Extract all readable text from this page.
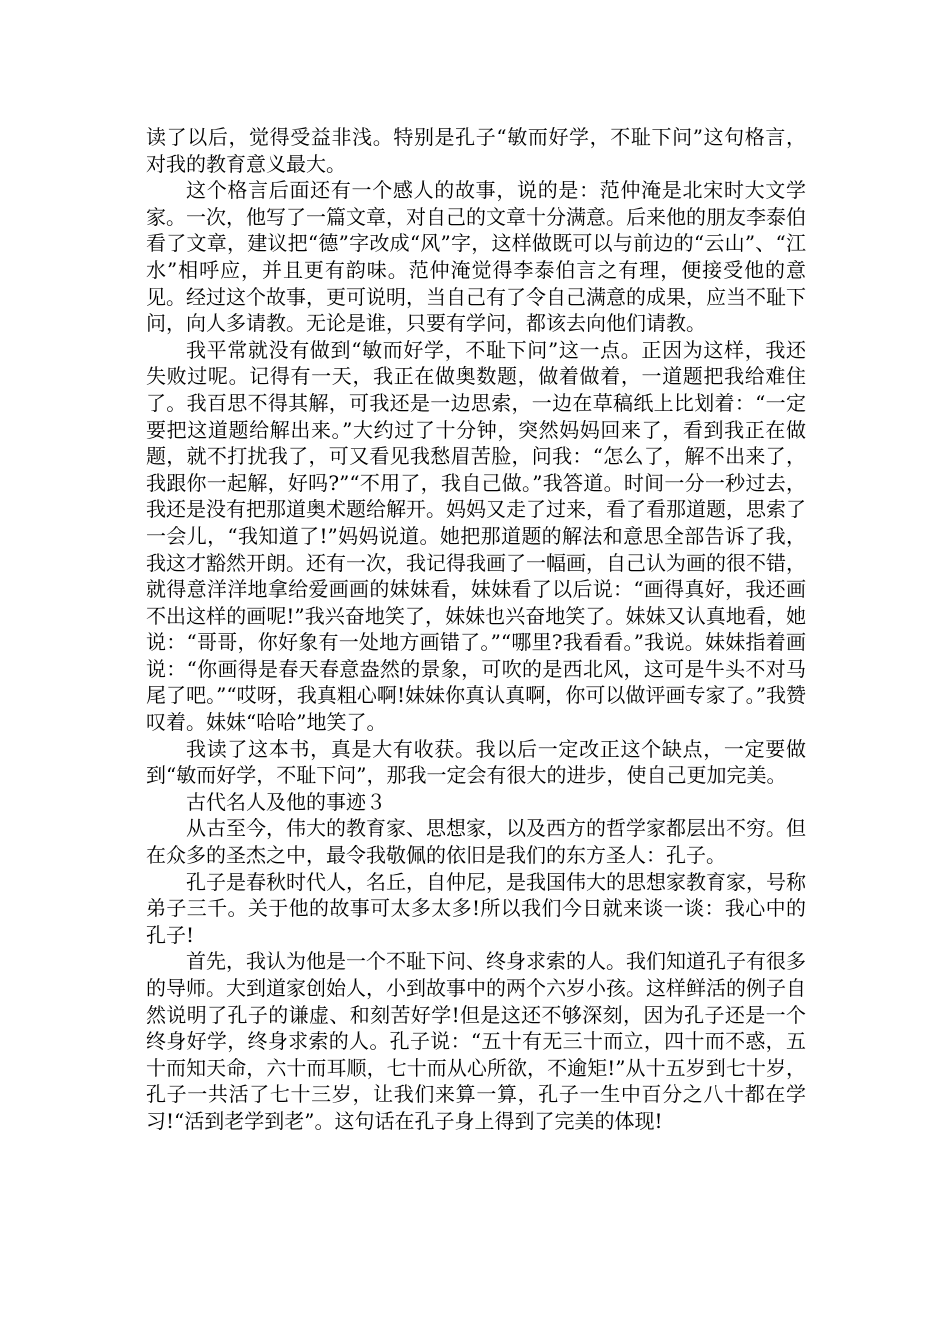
读了以后，觉得受益非浅。特别是孔子“敏而好学，不耻下问”这句格言，对我的教育意义最大。

这个格言后面还有一个感人的故事，说的是：范仲淹是北宋时大文学家。一次，他写了一篇文章，对自己的文章十分满意。后来他的朋友李泰伯看了文章，建议把“德”字改成“风”字，这样做既可以与前边的“云山”、“江水”相呼应，并且更有韵味。范仲淹觉得李泰伯言之有理，便接受他的意见。经过这个故事，更可说明，当自己有了令自己满意的成果，应当不耻下问，向人多请教。无论是谁，只要有学问，都该去向他们请教。

我平常就没有做到“敏而好学，不耻下问”这一点。正因为这样，我还失败过呢。记得有一天，我正在做奥数题，做着做着，一道题把我给难住了。我百思不得其解，可我还是一边思索，一边在草稿纸上比划着：“一定要把这道题给解出来。”大约过了十分钟，突然妈妈回来了，看到我正在做题，就不打扰我了，可又看见我愁眉苦脸，问我：“怎么了，解不出来了，我跟你一起解，好吗?”“不用了，我自己做。”我答道。时间一分一秒过去，我还是没有把那道奥术题给解开。妈妈又走了过来，看了看那道题，思索了一会儿，“我知道了!”妈妈说道。她把那道题的解法和意思全部告诉了我，我这才豁然开朗。还有一次，我记得我画了一幅画，自己认为画的很不错，就得意洋洋地拿给爱画画的妹妹看，妹妹看了以后说：“画得真好，我还画不出这样的画呢!”我兴奋地笑了，妹妹也兴奋地笑了。妹妹又认真地看，她说：“哥哥，你好象有一处地方画错了。”“哪里?我看看。”我说。妹妹指着画说：“你画得是春天春意盎然的景象，可吹的是西北风，这可是牛头不对马尾了吧。”“哎呀，我真粗心啊!妹妹你真认真啊，你可以做评画专家了。”我赞叹着。妹妹“哈哈”地笑了。

我读了这本书，真是大有收获。我以后一定改正这个缺点，一定要做到“敏而好学，不耻下问”，那我一定会有很大的进步，使自己更加完美。

古代名人及他的事迹３

从古至今，伟大的教育家、思想家，以及西方的哲学家都层出不穷。但在众多的圣杰之中，最令我敬佩的依旧是我们的东方圣人：孔子。

孔子是春秋时代人，名丘，自仲尼，是我国伟大的思想家教育家，号称弟子三千。关于他的故事可太多太多!所以我们今日就来谈一谈：我心中的孔子!

首先，我认为他是一个不耻下问、终身求索的人。我们知道孔子有很多的导师。大到道家创始人，小到故事中的两个六岁小孩。这样鲜活的例子自然说明了孔子的谦虚、和刻苦好学!但是这还不够深刻，因为孔子还是一个终身好学，终身求索的人。孔子说：“五十有无三十而立，四十而不惑，五十而知天命，六十而耳顺，七十而从心所欲，不逾矩!”从十五岁到七十岁，孔子一共活了七十三岁，让我们来算一算，孔子一生中百分之八十都在学习!“活到老学到老”。这句话在孔子身上得到了完美的体现!
